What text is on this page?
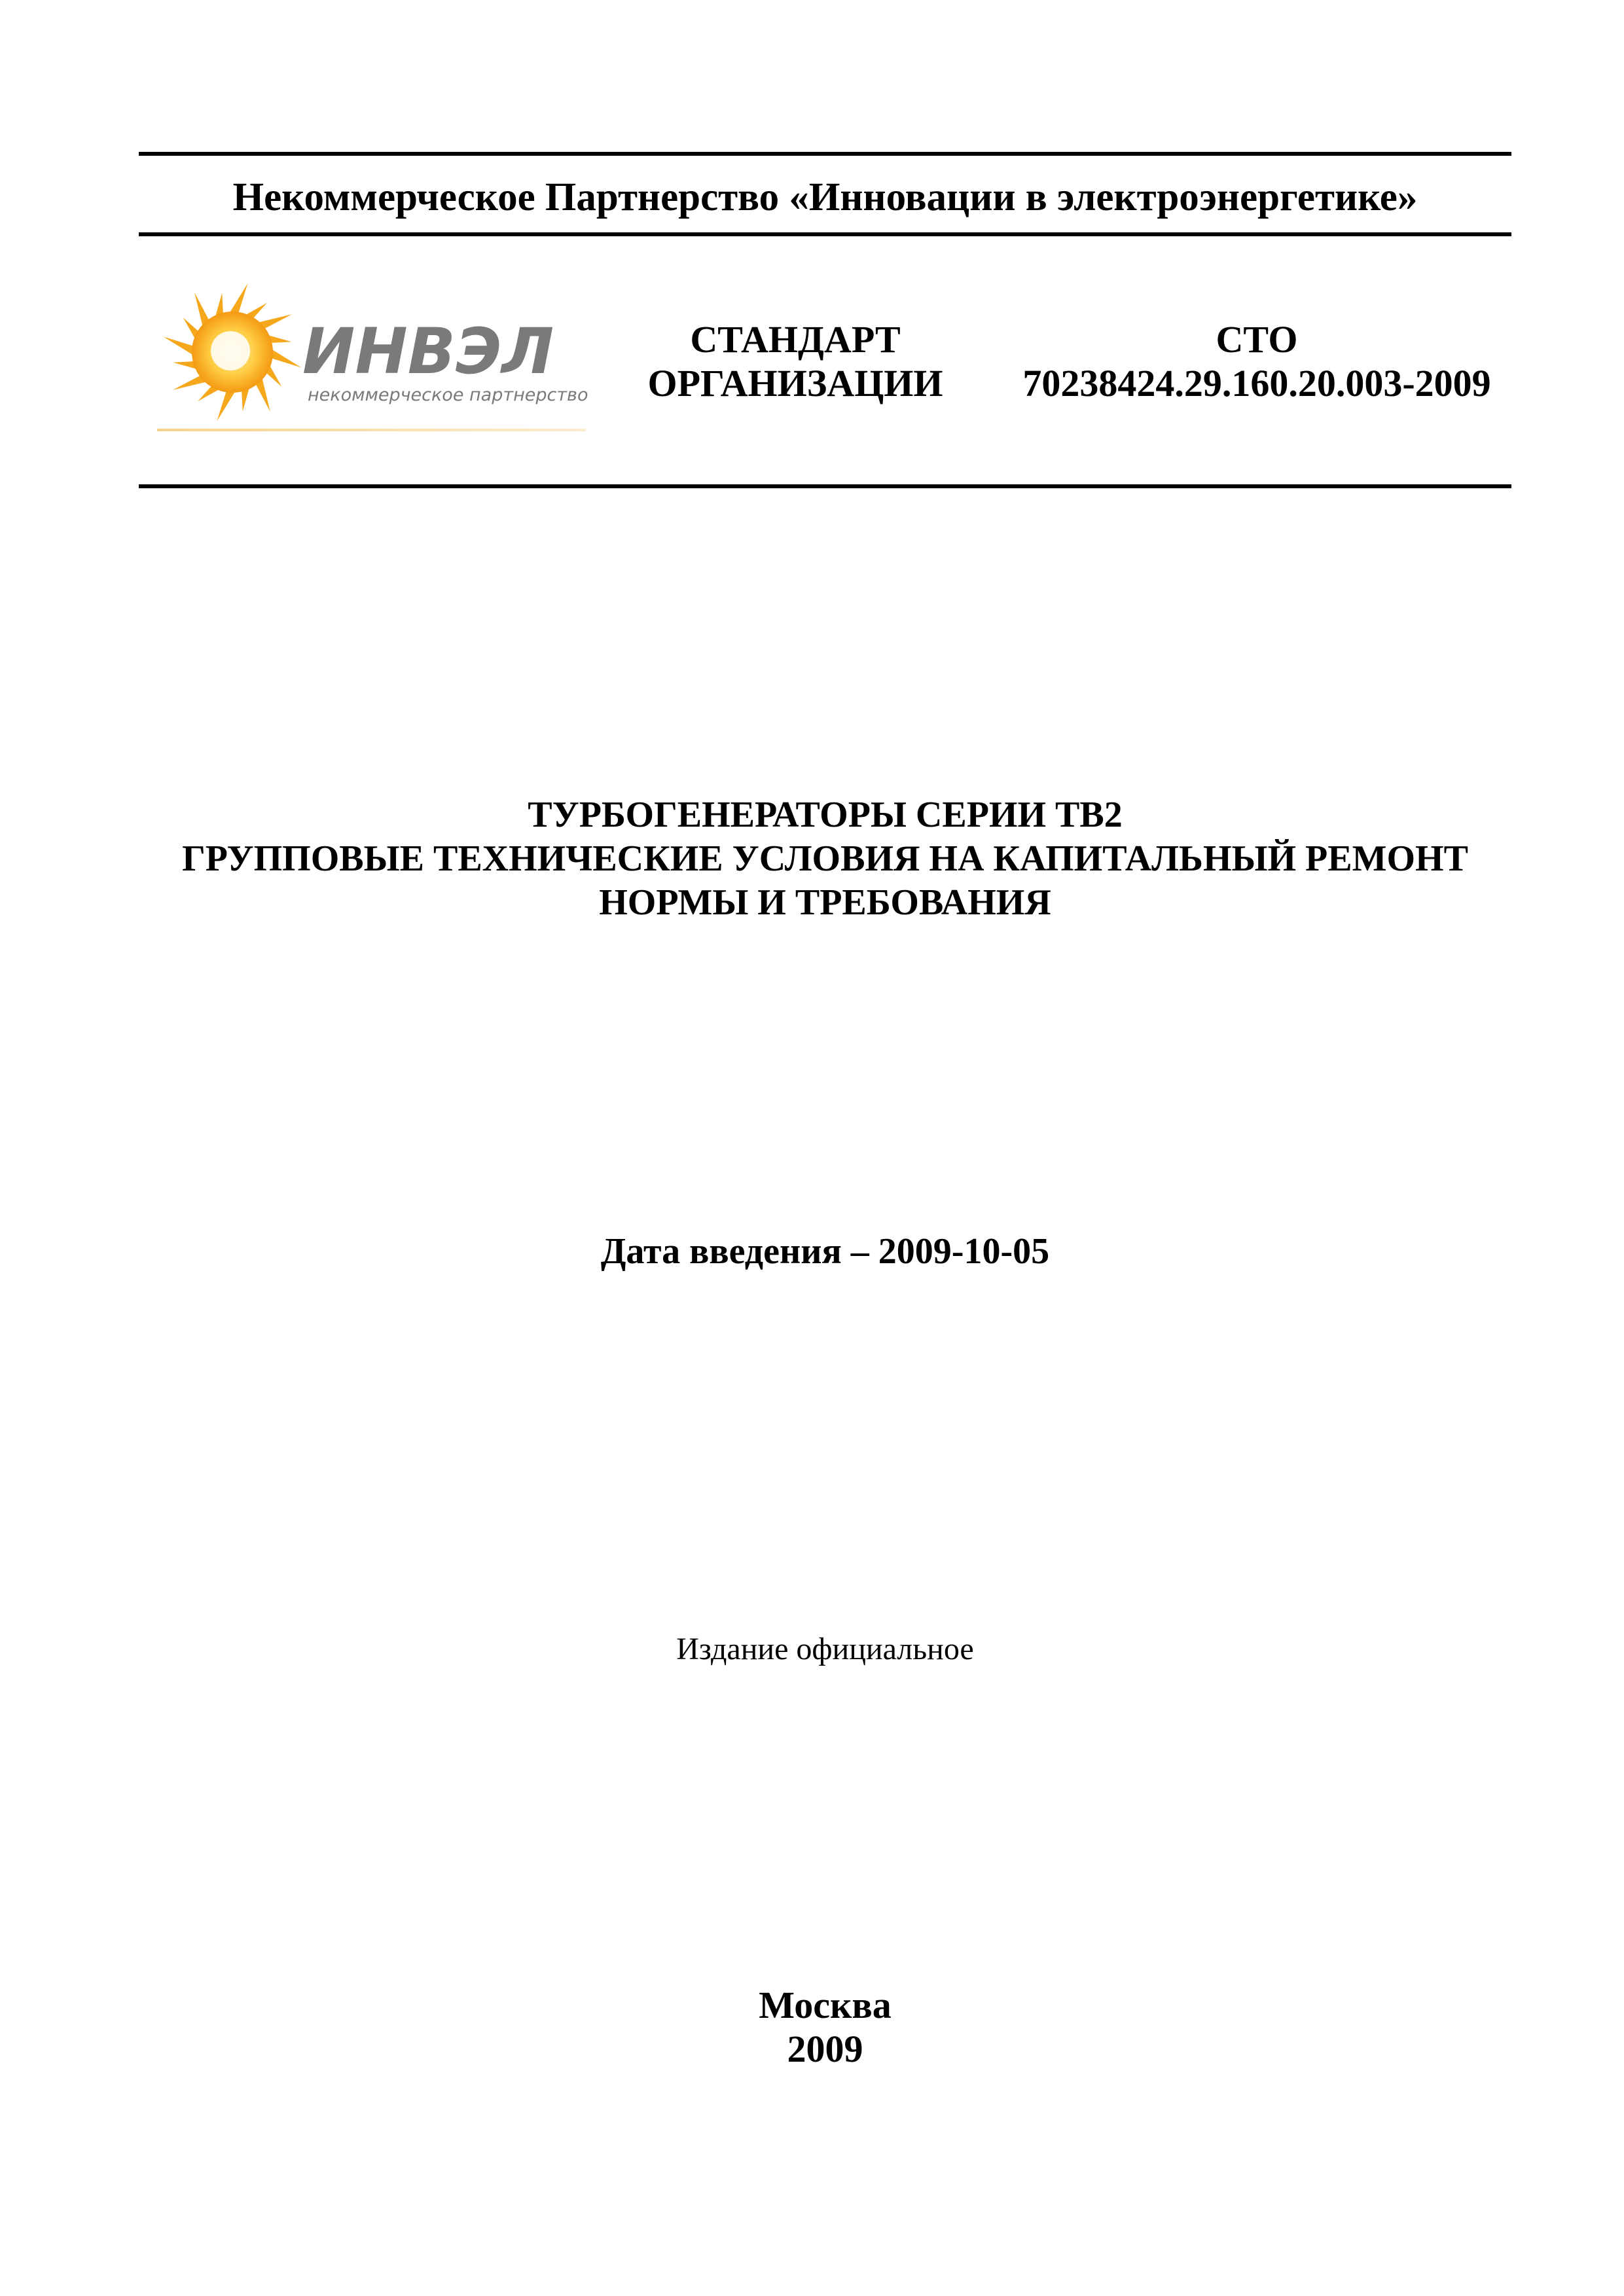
Некоммерческое Партнерство «Инновации в электроэнергетике»
ИНВЭЛ
некоммерческое партнерство
СТАНДАРТ
ОРГАНИЗАЦИИ
СТО
70238424.29.160.20.003-2009
ТУРБОГЕНЕРАТОРЫ СЕРИИ ТВ2
ГРУППОВЫЕ ТЕХНИЧЕСКИЕ УСЛОВИЯ НА КАПИТАЛЬНЫЙ РЕМОНТ
НОРМЫ И ТРЕБОВАНИЯ
Дата введения – 2009-10-05
Издание официальное
Москва
2009
